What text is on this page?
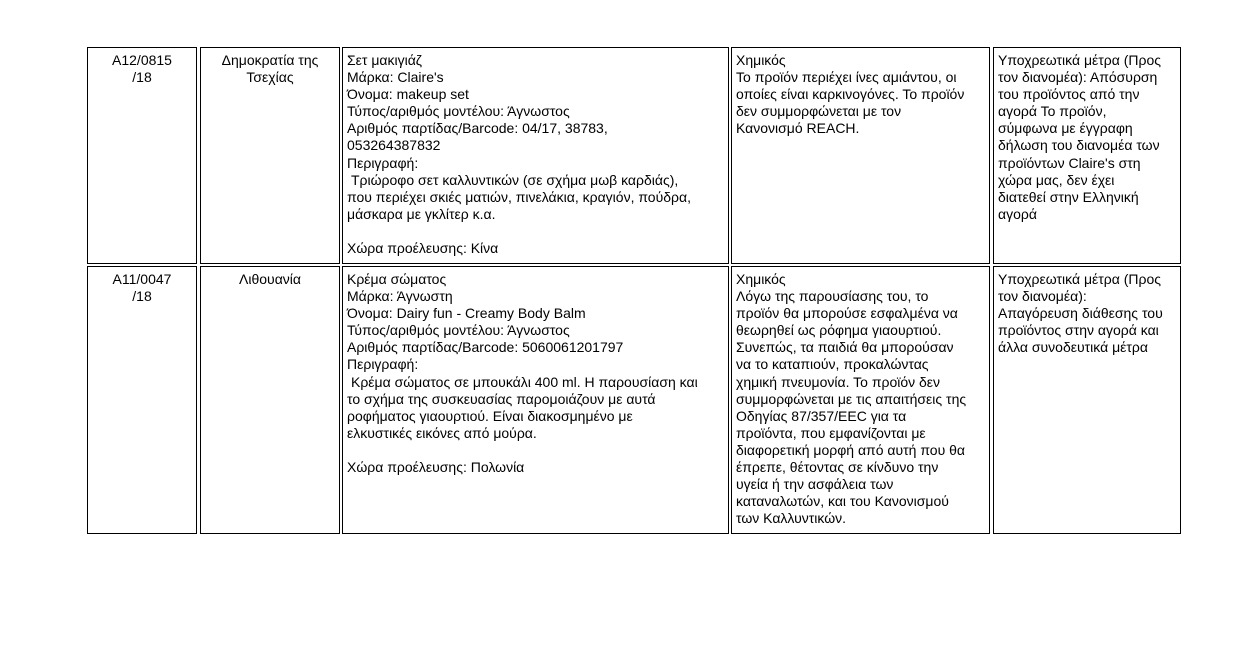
A12/0815
/18
Δημοκρατία της
Τσεχίας
Σετ μακιγιάζ
Μάρκα: Claire's
Όνομα: makeup set
Τύπος/αριθμός μοντέλου: Άγνωστος
Αριθμός παρτίδας/Barcode: 04/17, 38783,
053264387832
Περιγραφή:
Τριώροφο σετ καλλυντικών (σε σχήμα μωβ καρδιάς),
που περιέχει σκιές ματιών, πινελάκια, κραγιόν, πούδρα,
μάσκαρα με γκλίτερ κ.α.
Χώρα προέλευσης: Κίνα
Χημικός
Το προϊόν περιέχει ίνες αμιάντου, οι
οποίες είναι καρκινογόνες. Το προϊόν
δεν συμμορφώνεται με τον
Κανονισμό REACH.
Υποχρεωτικά μέτρα (Προς
τον διανομέα): Απόσυρση
του προϊόντος από την
αγορά Το προϊόν,
σύμφωνα με έγγραφη
δήλωση του διανομέα των
προϊόντων Claire's στη
χώρα μας, δεν έχει
διατεθεί στην Ελληνική
αγορά
A11/0047
/18
Λιθουανία	Κρέμα σώματος
Μάρκα: Άγνωστη
Όνομα: Dairy fun - Creamy Body Balm
Τύπος/αριθμός μοντέλου: Άγνωστος
Αριθμός παρτίδας/Barcode: 5060061201797
Περιγραφή:
Κρέμα σώματος σε μπουκάλι 400 ml. Η παρουσίαση και
το σχήμα της συσκευασίας παρομοιάζουν με αυτά
ροφήματος γιαουρτιού. Είναι διακοσμημένο με
ελκυστικές εικόνες από μούρα.
Χώρα προέλευσης: Πολωνία
Χημικός
Λόγω της παρουσίασης του, το
προϊόν θα μπορούσε εσφαλμένα να
θεωρηθεί ως ρόφημα γιαουρτιού.
Συνεπώς, τα παιδιά θα μπορούσαν
να το καταπιούν, προκαλώντας
χημική πνευμονία. Το προϊόν δεν
συμμορφώνεται με τις απαιτήσεις της
Οδηγίας 87/357/EEC για τα
προϊόντα, που εμφανίζονται με
διαφορετική μορφή από αυτή που θα
έπρεπε, θέτοντας σε κίνδυνο την
υγεία ή την ασφάλεια των
καταναλωτών, και του Κανονισμού
των Καλλυντικών.
Υποχρεωτικά μέτρα (Προς
τον διανομέα):
Απαγόρευση διάθεσης του
προϊόντος στην αγορά και
άλλα συνοδευτικά μέτρα
